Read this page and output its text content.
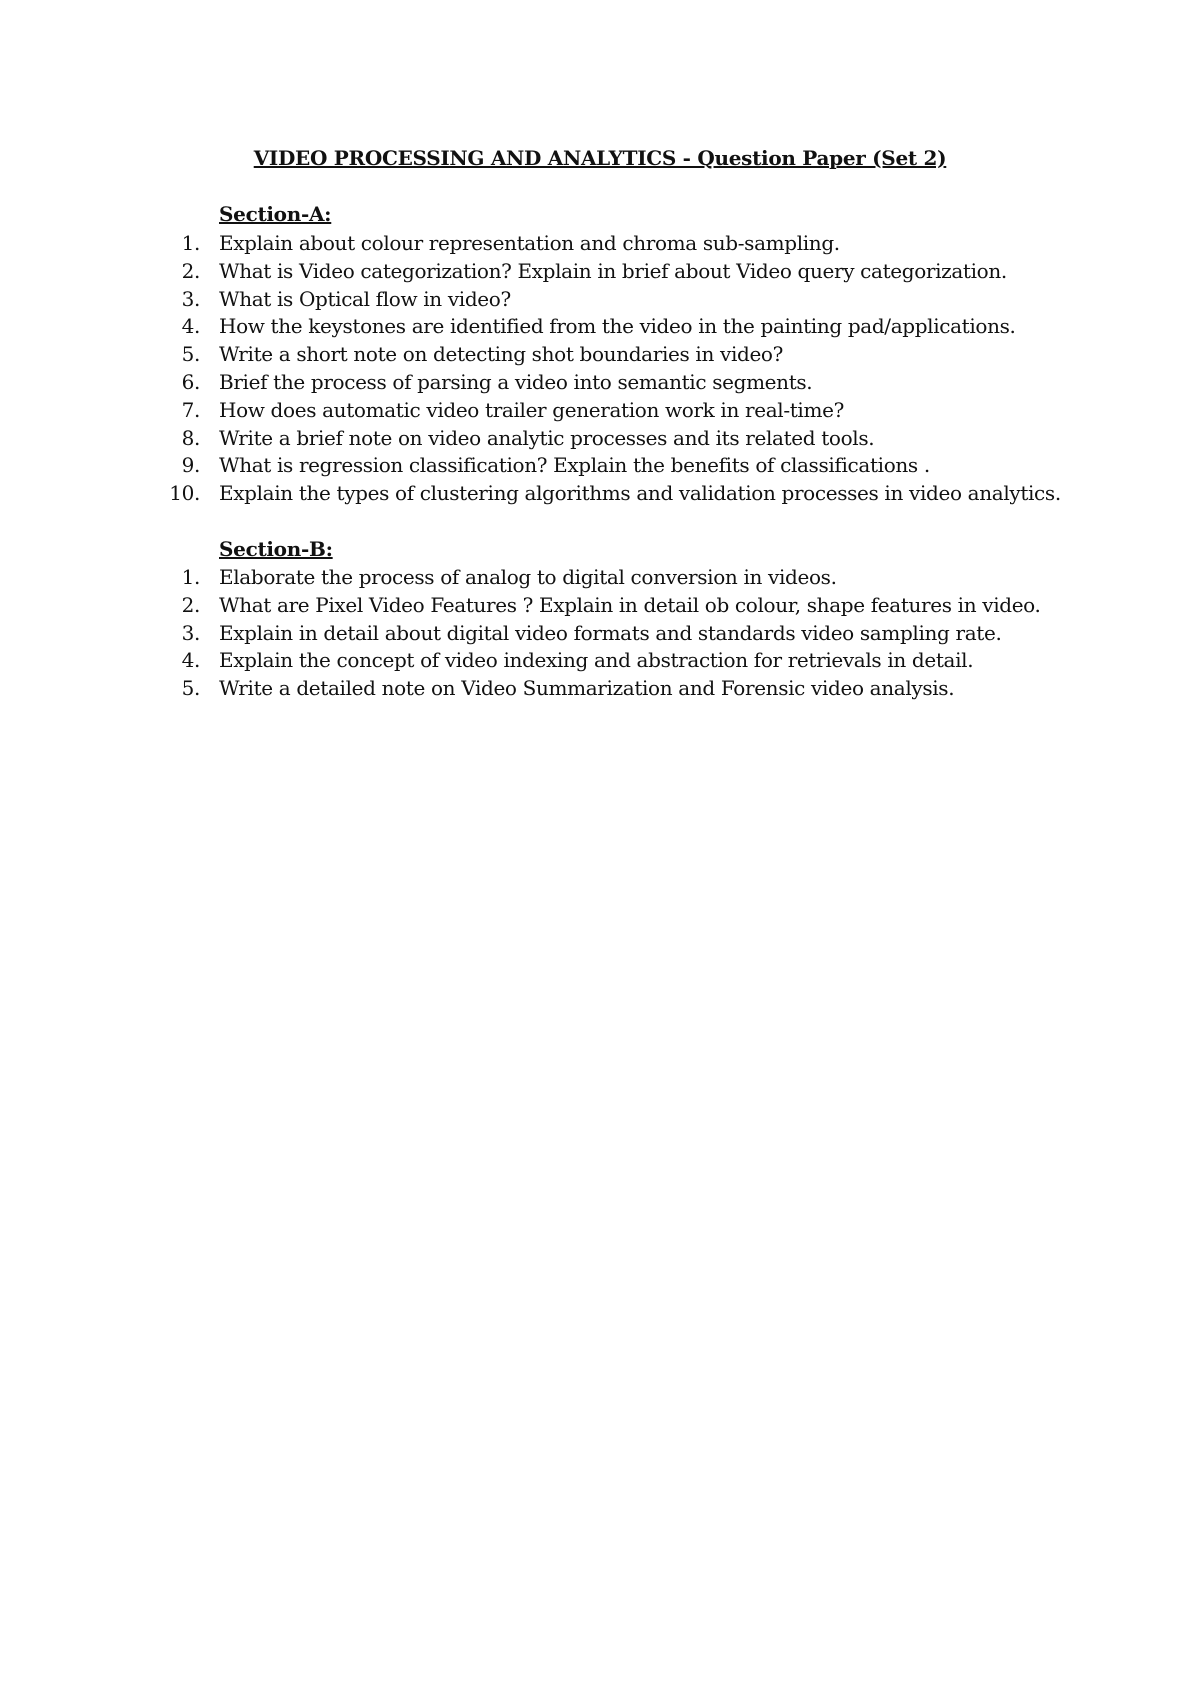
VIDEO PROCESSING AND ANALYTICS - Question Paper (Set 2)
Section-A:
1. Explain about colour representation and chroma sub-sampling.
2. What is Video categorization? Explain in brief about Video query categorization.
3. What is Optical flow in video?
4. How the keystones are identified from the video in the painting pad/applications.
5. Write a short note on detecting shot boundaries in video?
6. Brief the process of parsing a video into semantic segments.
7. How does automatic video trailer generation work in real-time?
8. Write a brief note on video analytic processes and its related tools.
9. What is regression classification? Explain the benefits of classifications .
10. Explain the types of clustering algorithms and validation processes in video analytics.
Section-B:
1. Elaborate the process of analog to digital conversion in videos.
2. What are Pixel Video Features ? Explain in detail ob colour, shape features in video.
3. Explain in detail about digital video formats and standards video sampling rate.
4. Explain the concept of video indexing and abstraction for retrievals in detail.
5. Write a detailed note on Video Summarization and Forensic video analysis.
